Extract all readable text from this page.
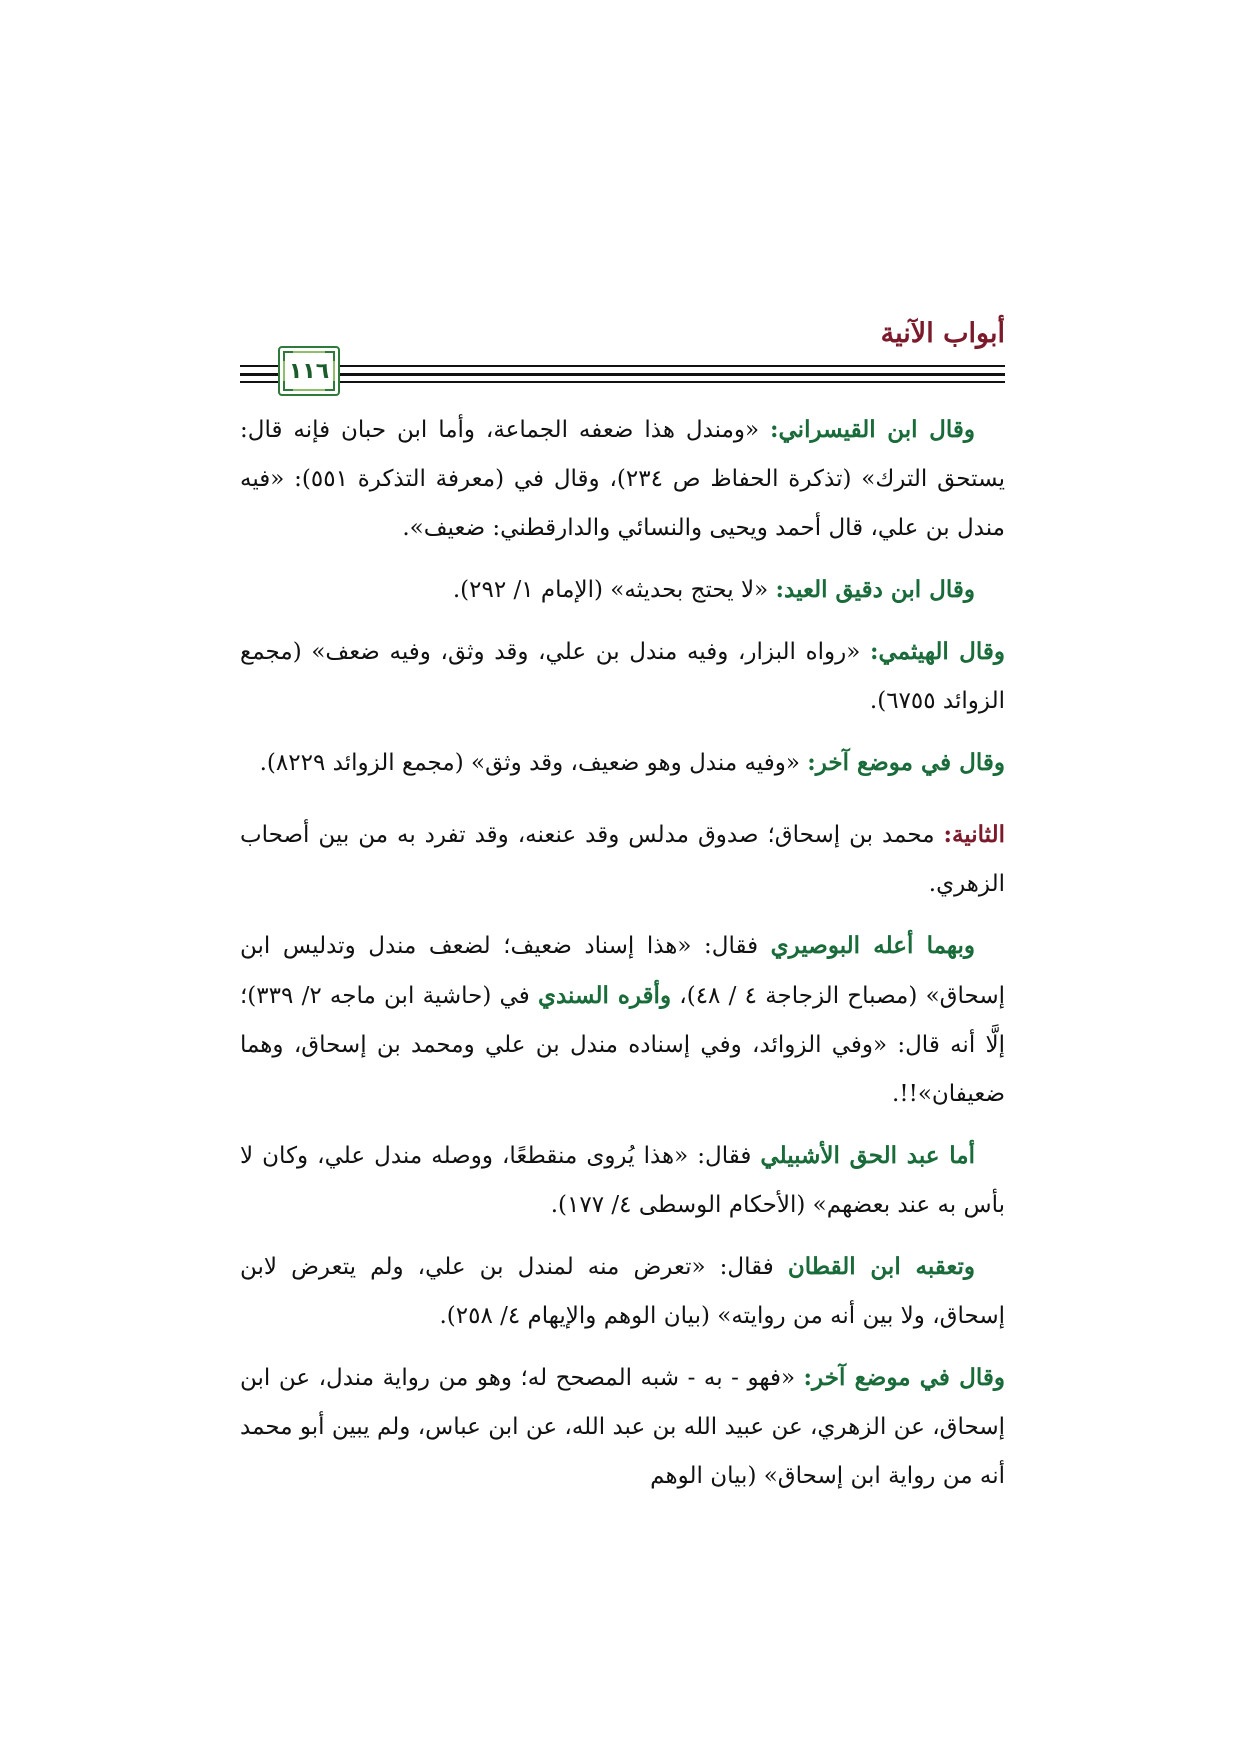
أبواب الآنية
١١٦

وقال ابن القيسراني: «ومندل هذا ضعفه الجماعة، وأما ابن حبان فإنه قال: يستحق الترك» (تذكرة الحفاظ ص ٢٣٤)، وقال في (معرفة التذكرة ٥٥١): «فيه مندل بن علي، قال أحمد ويحيى والنسائي والدارقطني: ضعيف».

وقال ابن دقيق العيد: «لا يحتج بحديثه» (الإمام ١/ ٢٩٢).

وقال الهيثمي: «رواه البزار، وفيه مندل بن علي، وقد وثق، وفيه ضعف» (مجمع الزوائد ٦٧٥٥).

وقال في موضع آخر: «وفيه مندل وهو ضعيف، وقد وثق» (مجمع الزوائد ٨٢٢٩).

الثانية: محمد بن إسحاق؛ صدوق مدلس وقد عنعنه، وقد تفرد به من بين أصحاب الزهري.

وبهما أعله البوصيري فقال: «هذا إسناد ضعيف؛ لضعف مندل وتدليس ابن إسحاق» (مصباح الزجاجة ٤ / ٤٨)، وأقره السندي في (حاشية ابن ماجه ٢/ ٣٣٩)؛ إلَّا أنه قال: «وفي الزوائد، وفي إسناده مندل بن علي ومحمد بن إسحاق، وهما ضعيفان»!!.

أما عبد الحق الأشبيلي فقال: «هذا يُروى منقطعًا، ووصله مندل علي، وكان لا بأس به عند بعضهم» (الأحكام الوسطى ٤/ ١٧٧).

وتعقبه ابن القطان فقال: «تعرض منه لمندل بن علي، ولم يتعرض لابن إسحاق، ولا بين أنه من روايته» (بيان الوهم والإيهام ٤/ ٢٥٨).

وقال في موضع آخر: «فهو - به - شبه المصحح له؛ وهو من رواية مندل، عن ابن إسحاق، عن الزهري، عن عبيد الله بن عبد الله، عن ابن عباس، ولم يبين أبو محمد أنه من رواية ابن إسحاق» (بيان الوهم
